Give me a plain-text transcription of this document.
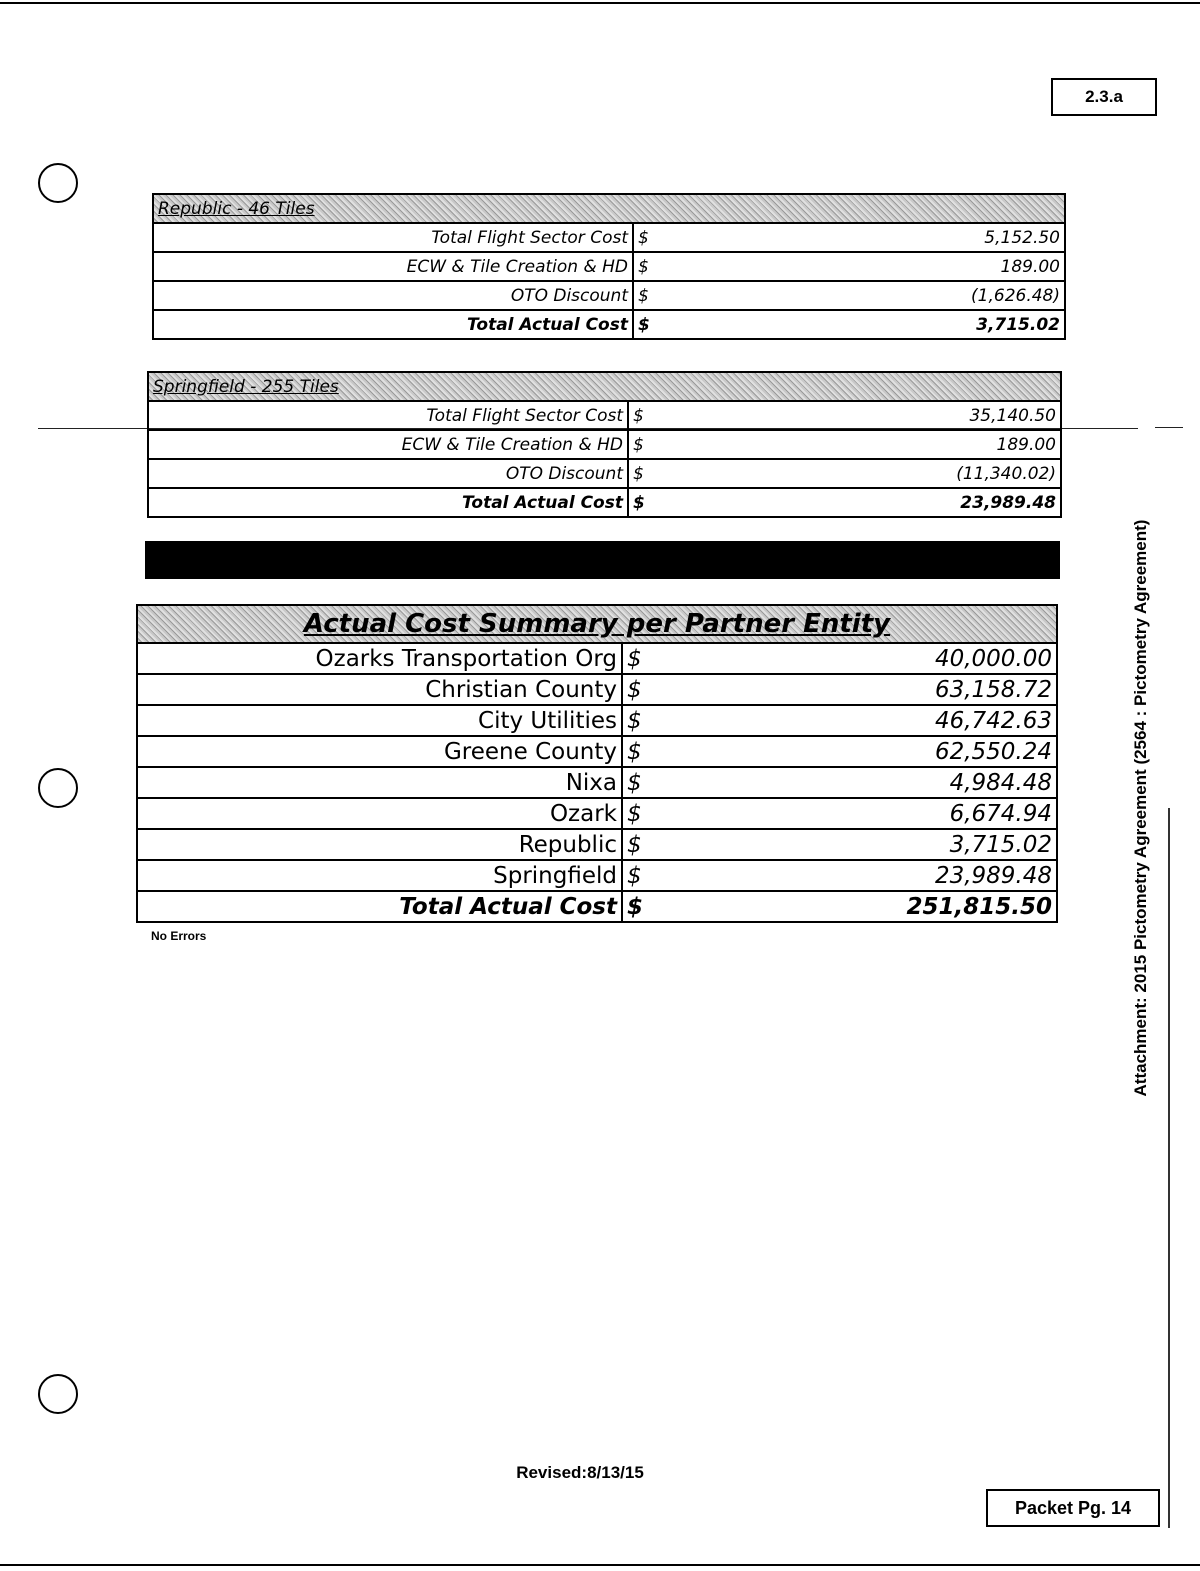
2.3.a
Attachment: 2015 Pictometry Agreement (2564 : Pictometry Agreement)
Republic - 46 Tiles		
Total Flight Sector Cost	$	5,152.50
ECW & Tile Creation & HD	$	189.00
OTO Discount	$	(1,626.48)
Total Actual Cost	$	3,715.02
Springfield - 255 Tiles		
Total Flight Sector Cost	$	35,140.50
ECW & Tile Creation & HD	$	189.00
OTO Discount	$	(11,340.02)
Total Actual Cost	$	23,989.48
Actual Cost Summary per Partner Entity		
Ozarks Transportation Org	$	40,000.00
Christian County	$	63,158.72
City Utilities	$	46,742.63
Greene County	$	62,550.24
Nixa	$	4,984.48
Ozark	$	6,674.94
Republic	$	3,715.02
Springfield	$	23,989.48
Total Actual Cost	$	251,815.50
No Errors
Revised:8/13/15
Packet Pg. 14
